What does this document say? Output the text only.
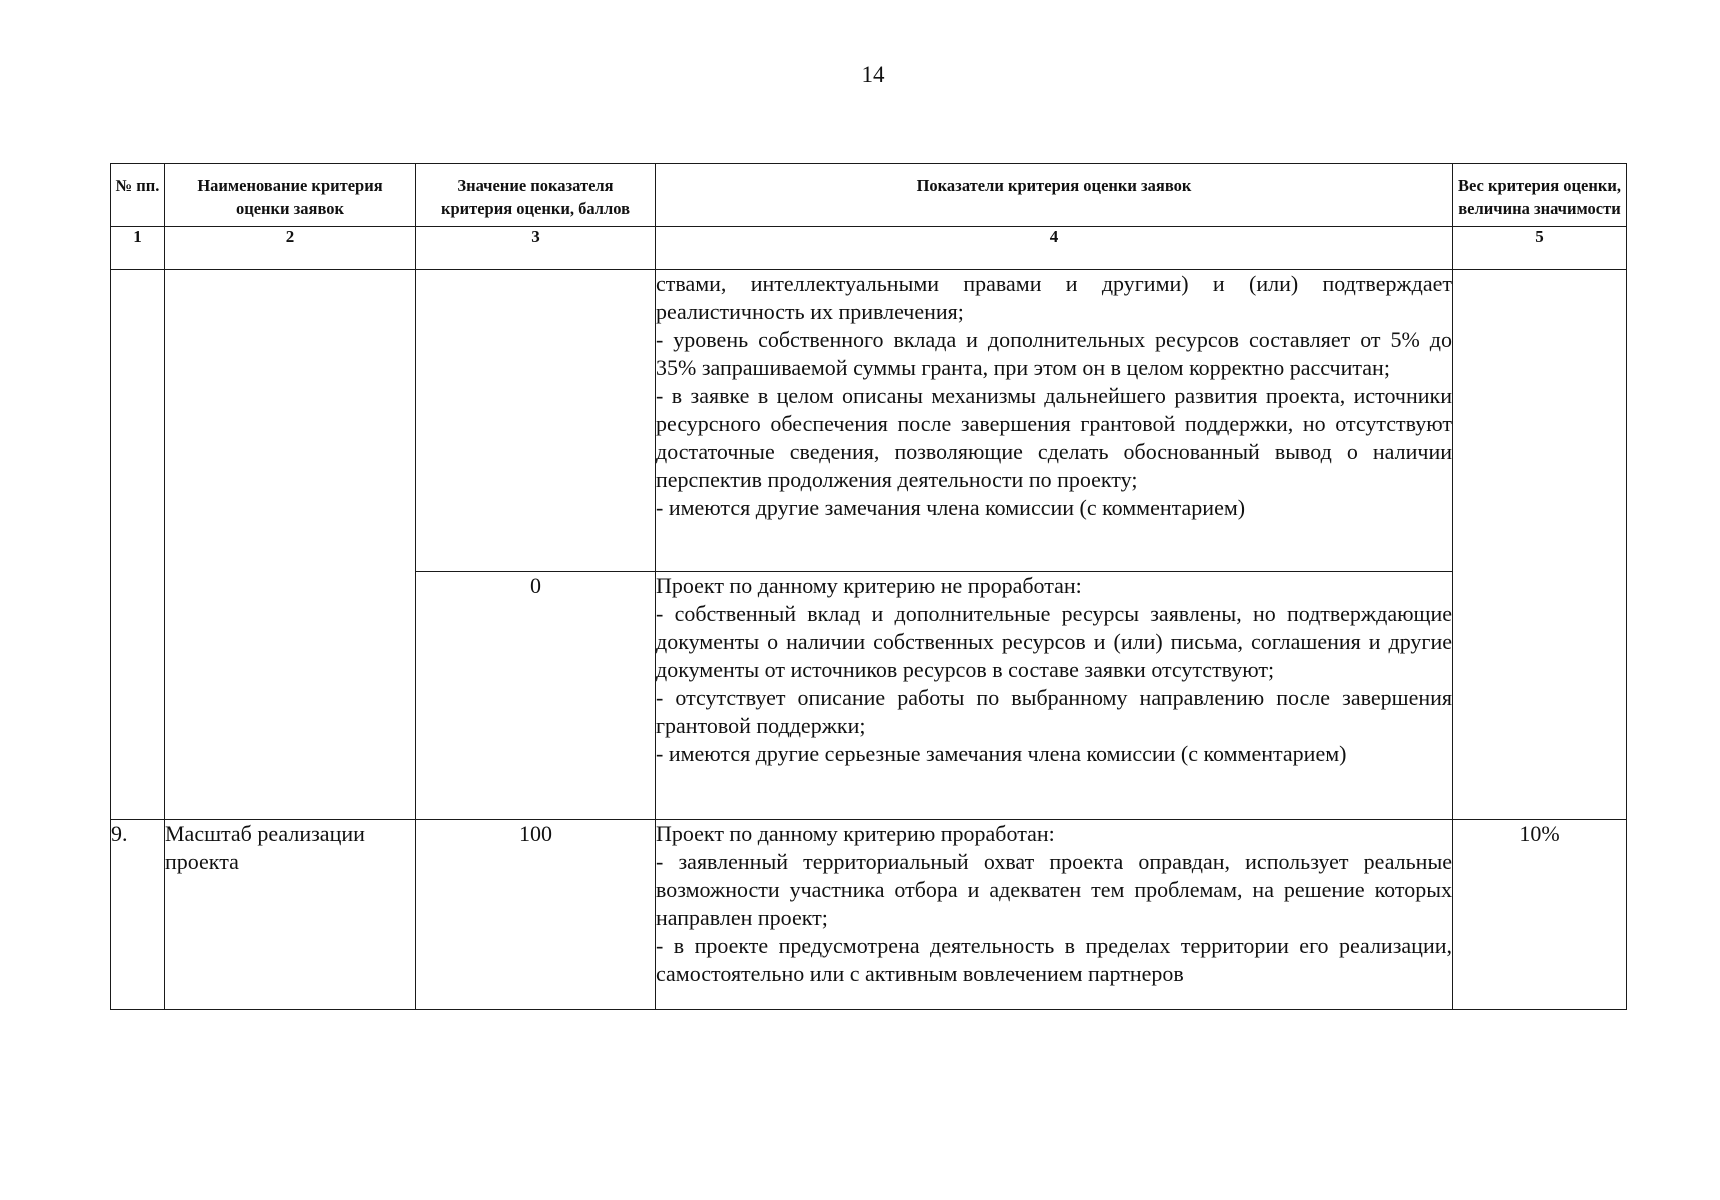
14
№ пп.	Наименование критерия оценки заявок	Значение показателя критерия оценки, баллов	Показатели критерия оценки заявок	Вес критерия оценки, величина значимости
1	2	3	4	5

			ствами, интеллектуальными правами и другими) и (или) подтверждает реалистичность их привлечения;

- уровень собственного вклада и дополнительных ресурсов составляет от 5% до 35% запрашиваемой суммы гранта, при этом он в целом корректно рассчитан;

- в заявке в целом описаны механизмы дальнейшего развития проекта, источники ресурсного обеспечения после завершения грантовой поддержки, но отсутствуют достаточные сведения, позволяющие сделать обоснованный вывод о наличии перспектив продолжения деятельности по проекту;

- имеются другие замечания члена комиссии (с комментарием)	

		0	Проект по данному критерию не проработан:

- собственный вклад и дополнительные ресурсы заявлены, но подтверждающие документы о наличии собственных ресурсов и (или) письма, соглашения и другие документы от источников ресурсов в составе заявки отсутствуют;

- отсутствует описание работы по выбранному направлению после завершения грантовой поддержки;

- имеются другие серьезные замечания члена комиссии (с комментарием)	

9.	Масштаб реализации проекта	100	Проект по данному критерию проработан:

- заявленный территориальный охват проекта оправдан, использует реальные возможности участника отбора и адекватен тем проблемам, на решение которых направлен проект;

- в проекте предусмотрена деятельность в пределах территории его реализации, самостоятельно или с активным вовлечением партнеров	10%
